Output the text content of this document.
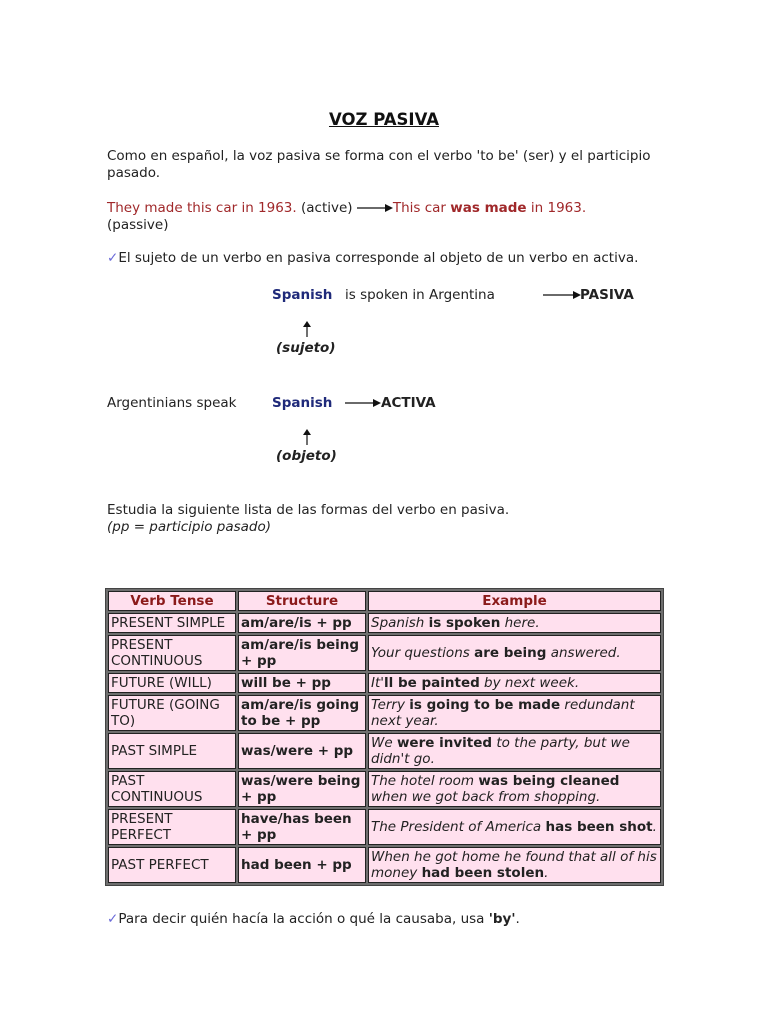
VOZ PASIVA
Como en español, la voz pasiva se forma con el verbo 'to be' (ser) y el participio pasado.
They made this car in 1963. (active)	This car was made in 1963.
(passive)
✓El sujeto de un verbo en pasiva corresponde al objeto de un verbo en activa.
Spanish is spoken in Argentina	PASIVA
(sujeto)
Argentinians speak	Spanish	ACTIVA
(objeto)
Estudia la siguiente lista de las formas del verbo en pasiva.
(pp = participio pasado)
Verb Tense	Structure	Example
PRESENT SIMPLE	am/are/is + pp	Spanish is spoken here.
PRESENT CONTINUOUS	am/are/is being + pp	Your questions are being answered.
FUTURE (WILL)	will be + pp	It'll be painted by next week.
FUTURE (GOING TO)	am/are/is going to be + pp	Terry is going to be made redundant next year.
PAST SIMPLE	was/were + pp	We were invited to the party, but we didn't go.
PAST CONTINUOUS	was/were being + pp	The hotel room was being cleaned when we got back from shopping.
PRESENT PERFECT	have/has been + pp	The President of America has been shot.
PAST PERFECT	had been + pp	When he got home he found that all of his money had been stolen.
✓Para decir quién hacía la acción o qué la causaba, usa 'by'.
